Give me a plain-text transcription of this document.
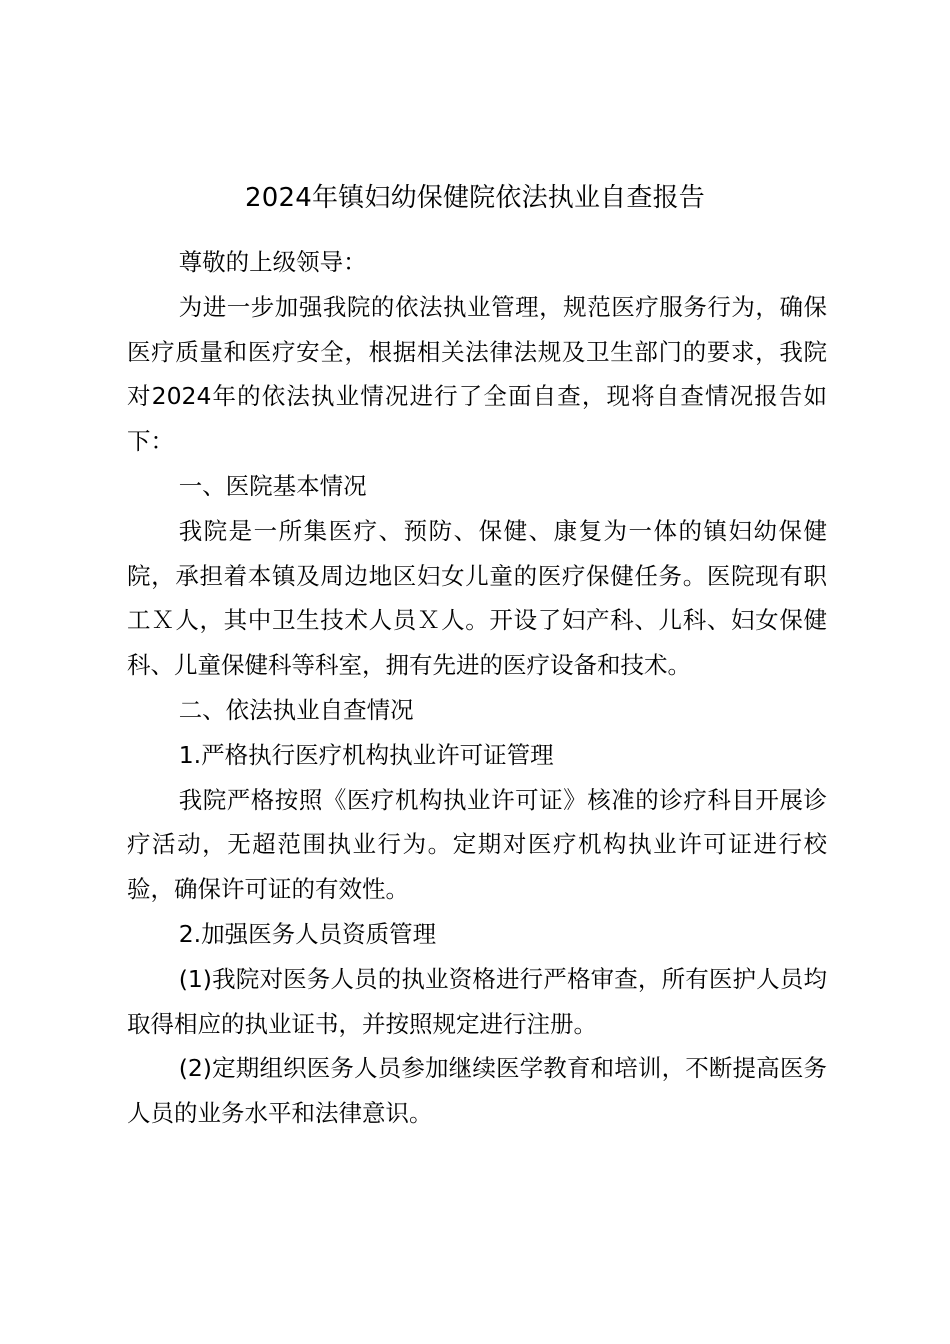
2024年镇妇幼保健院依法执业自查报告

尊敬的上级领导：

为进一步加强我院的依法执业管理，规范医疗服务行为，确保医疗质量和医疗安全，根据相关法律法规及卫生部门的要求，我院对2024年的依法执业情况进行了全面自查，现将自查情况报告如下：

一、医院基本情况

我院是一所集医疗、预防、保健、康复为一体的镇妇幼保健院，承担着本镇及周边地区妇女儿童的医疗保健任务。医院现有职工Ｘ人，其中卫生技术人员Ｘ人。开设了妇产科、儿科、妇女保健科、儿童保健科等科室，拥有先进的医疗设备和技术。

二、依法执业自查情况

1.严格执行医疗机构执业许可证管理

我院严格按照《医疗机构执业许可证》核准的诊疗科目开展诊疗活动，无超范围执业行为。定期对医疗机构执业许可证进行校验，确保许可证的有效性。

2.加强医务人员资质管理

(1)我院对医务人员的执业资格进行严格审查，所有医护人员均取得相应的执业证书，并按照规定进行注册。

(2)定期组织医务人员参加继续医学教育和培训，不断提高医务人员的业务水平和法律意识。
